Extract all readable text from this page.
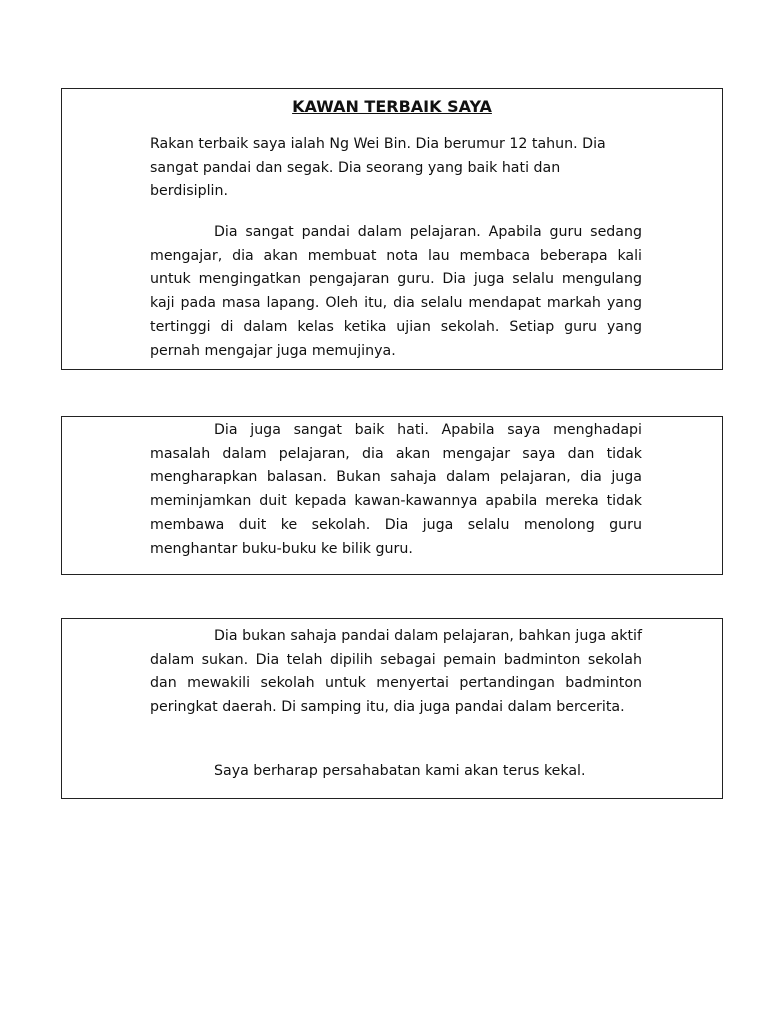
KAWAN TERBAIK SAYA

Rakan terbaik saya ialah Ng Wei Bin. Dia berumur 12 tahun. Dia sangat pandai dan segak. Dia seorang yang baik hati dan berdisiplin.

Dia sangat pandai dalam pelajaran. Apabila guru sedang mengajar, dia akan membuat nota lau membaca beberapa kali untuk mengingatkan pengajaran guru. Dia juga selalu mengulang kaji pada masa lapang. Oleh itu, dia selalu mendapat markah yang tertinggi di dalam kelas ketika ujian sekolah. Setiap guru yang pernah mengajar juga memujinya.

Dia juga sangat baik hati. Apabila saya menghadapi masalah dalam pelajaran, dia akan mengajar saya dan tidak mengharapkan balasan. Bukan sahaja dalam pelajaran, dia juga meminjamkan duit kepada kawan-kawannya apabila mereka tidak membawa duit ke sekolah. Dia juga selalu menolong guru menghantar buku-buku ke bilik guru.

Dia bukan sahaja pandai dalam pelajaran, bahkan juga aktif dalam sukan. Dia telah dipilih sebagai pemain badminton sekolah dan mewakili sekolah untuk menyertai pertandingan badminton peringkat daerah. Di samping itu, dia juga pandai dalam bercerita.

Saya berharap persahabatan kami akan terus kekal.
